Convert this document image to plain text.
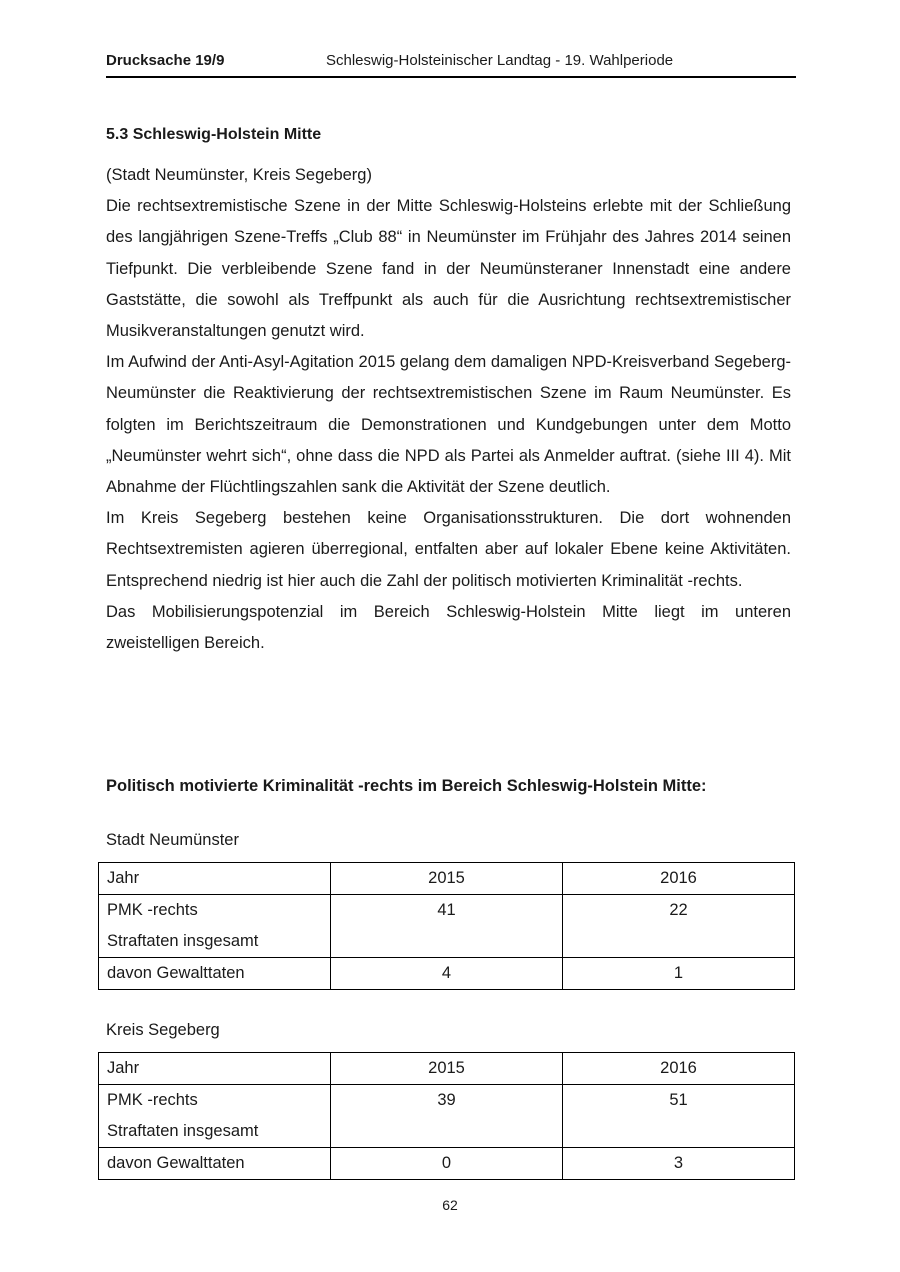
Drucksache 19/9	Schleswig-Holsteinischer Landtag - 19. Wahlperiode
5.3 Schleswig-Holstein Mitte

(Stadt Neumünster, Kreis Segeberg)

Die rechtsextremistische Szene in der Mitte Schleswig-Holsteins erlebte mit der Schließung des langjährigen Szene-Treffs „Club 88“ in Neumünster im Frühjahr des Jahres 2014 seinen Tiefpunkt. Die verbleibende Szene fand in der Neumünsteraner Innenstadt eine andere Gaststätte, die sowohl als Treffpunkt als auch für die Ausrichtung rechtsextremistischer Musikveranstaltungen genutzt wird.

Im Aufwind der Anti-Asyl-Agitation 2015 gelang dem damaligen NPD-Kreisverband Segeberg-Neumünster die Reaktivierung der rechtsextremistischen Szene im Raum Neumünster. Es folgten im Berichtszeitraum die Demonstrationen und Kundgebungen unter dem Motto „Neumünster wehrt sich“, ohne dass die NPD als Partei als Anmelder auftrat. (siehe III 4). Mit Abnahme der Flüchtlingszahlen sank die Aktivität der Szene deutlich.

Im Kreis Segeberg bestehen keine Organisationsstrukturen. Die dort wohnenden Rechtsextremisten agieren überregional, entfalten aber auf lokaler Ebene keine Aktivitäten. Entsprechend niedrig ist hier auch die Zahl der politisch motivierten Kriminalität -rechts.

Das Mobilisierungspotenzial im Bereich Schleswig-Holstein Mitte liegt im unteren zweistelligen Bereich.

Politisch motivierte Kriminalität -rechts im Bereich Schleswig-Holstein Mitte:
Stadt Neumünster
Jahr	2015	2016

PMK -rechts
Straftaten insgesamt	41	22
davon Gewalttaten	4	1
Kreis Segeberg
Jahr	2015	2016

PMK -rechts
Straftaten insgesamt	39	51
davon Gewalttaten	0	3
62
